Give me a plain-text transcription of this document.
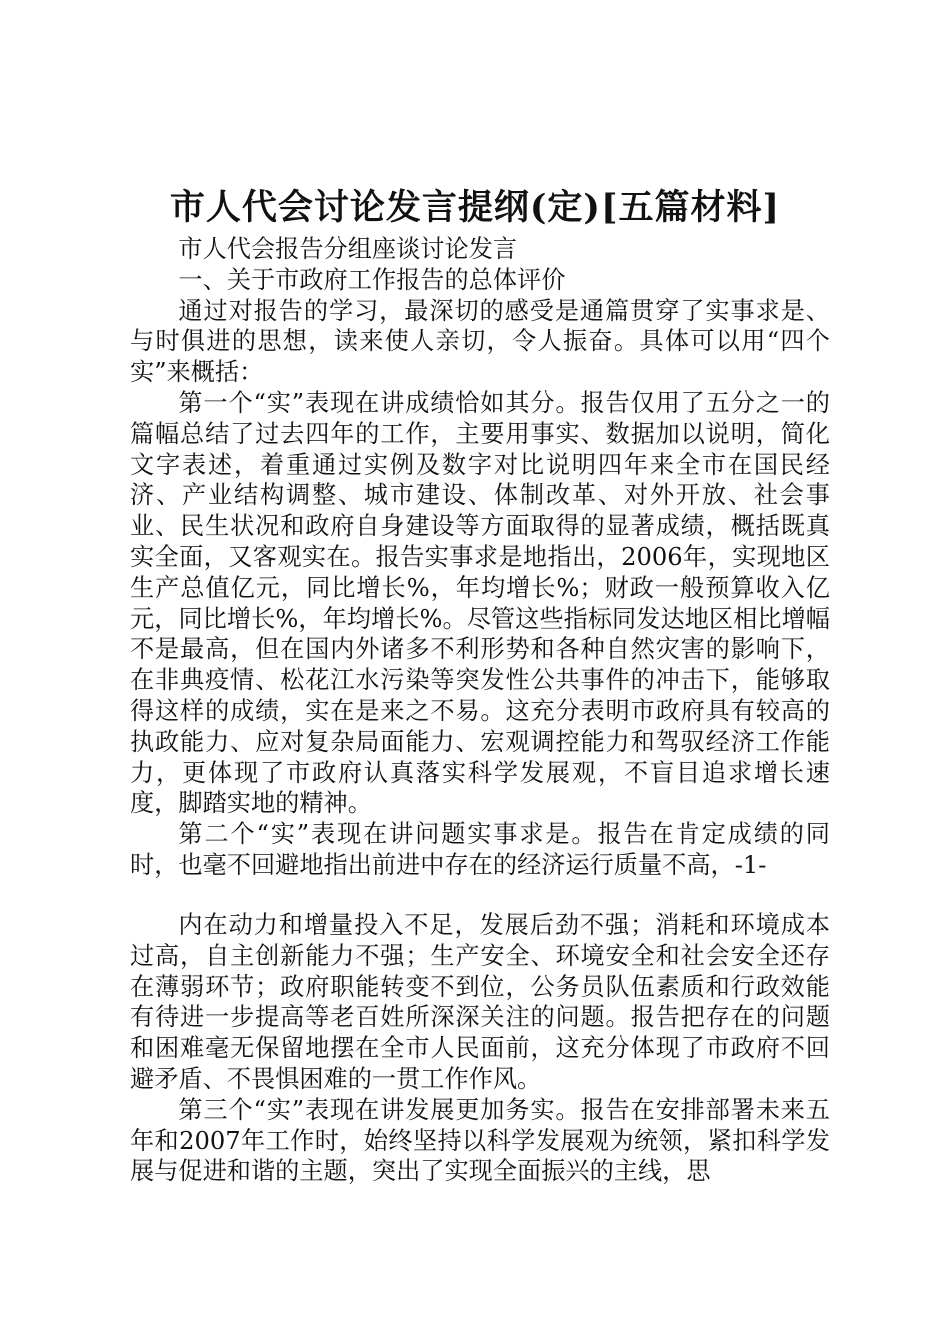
市人代会讨论发言提纲(定)[五篇材料]

市人代会报告分组座谈讨论发言

一、关于市政府工作报告的总体评价

通过对报告的学习，最深切的感受是通篇贯穿了实事求是、与时俱进的思想，读来使人亲切，令人振奋。具体可以用“四个实”来概括：

第一个“实”表现在讲成绩恰如其分。报告仅用了五分之一的篇幅总结了过去四年的工作，主要用事实、数据加以说明，简化文字表述，着重通过实例及数字对比说明四年来全市在国民经济、产业结构调整、城市建设、体制改革、对外开放、社会事业、民生状况和政府自身建设等方面取得的显著成绩，概括既真实全面，又客观实在。报告实事求是地指出，2006年，实现地区生产总值亿元，同比增长%，年均增长%；财政一般预算收入亿元，同比增长%，年均增长%。尽管这些指标同发达地区相比增幅不是最高，但在国内外诸多不利形势和各种自然灾害的影响下，在非典疫情、松花江水污染等突发性公共事件的冲击下，能够取得这样的成绩，实在是来之不易。这充分表明市政府具有较高的执政能力、应对复杂局面能力、宏观调控能力和驾驭经济工作能力，更体现了市政府认真落实科学发展观，不盲目追求增长速度，脚踏实地的精神。

第二个“实”表现在讲问题实事求是。报告在肯定成绩的同时，也毫不回避地指出前进中存在的经济运行质量不高，-1-

内在动力和增量投入不足，发展后劲不强；消耗和环境成本过高，自主创新能力不强；生产安全、环境安全和社会安全还存在薄弱环节；政府职能转变不到位，公务员队伍素质和行政效能有待进一步提高等老百姓所深深关注的问题。报告把存在的问题和困难毫无保留地摆在全市人民面前，这充分体现了市政府不回避矛盾、不畏惧困难的一贯工作作风。

第三个“实”表现在讲发展更加务实。报告在安排部署未来五年和2007年工作时，始终坚持以科学发展观为统领，紧扣科学发展与促进和谐的主题，突出了实现全面振兴的主线，思
